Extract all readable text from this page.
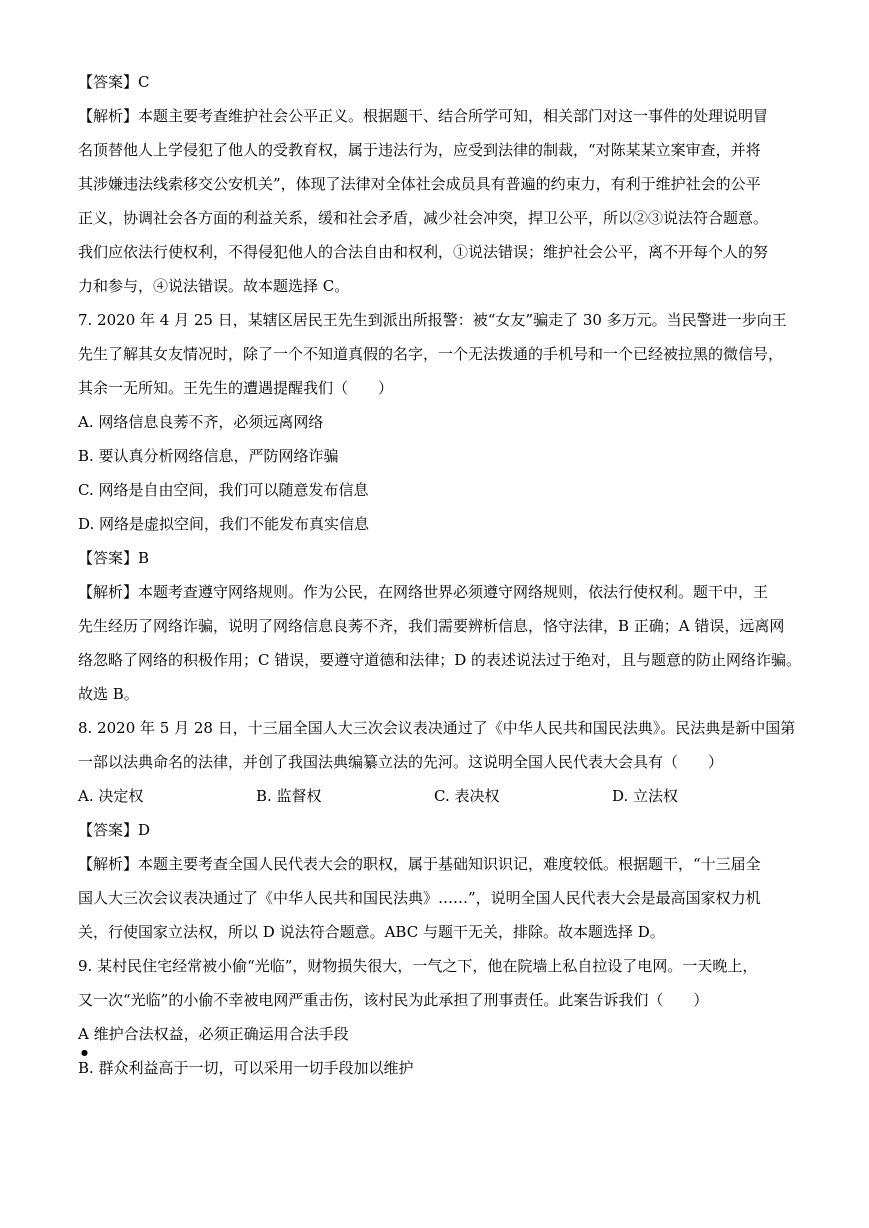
【答案】C
【解析】本题主要考查维护社会公平正义。根据题干、结合所学可知，相关部门对这一事件的处理说明冒
名顶替他人上学侵犯了他人的受教育权，属于违法行为，应受到法律的制裁，“对陈某某立案审查，并将
其涉嫌违法线索移交公安机关”，体现了法律对全体社会成员具有普遍的约束力，有利于维护社会的公平
正义，协调社会各方面的利益关系，缓和社会矛盾，减少社会冲突，捍卫公平，所以②③说法符合题意。
我们应依法行使权利，不得侵犯他人的合法自由和权利，①说法错误；维护社会公平，离不开每个人的努
力和参与，④说法错误。故本题选择 C。
7. 2020 年 4 月 25 日，某辖区居民王先生到派出所报警：被“女友”骗走了 30 多万元。当民警进一步向王
先生了解其女友情况时，除了一个不知道真假的名字，一个无法拨通的手机号和一个已经被拉黑的微信号，
其余一无所知。王先生的遭遇提醒我们（　　）
A. 网络信息良莠不齐，必须远离网络
B. 要认真分析网络信息，严防网络诈骗
C. 网络是自由空间，我们可以随意发布信息
D. 网络是虚拟空间，我们不能发布真实信息
【答案】B
【解析】本题考查遵守网络规则。作为公民，在网络世界必须遵守网络规则，依法行使权利。题干中，王
先生经历了网络诈骗，说明了网络信息良莠不齐，我们需要辨析信息，恪守法律，B 正确；A 错误，远离网
络忽略了网络的积极作用；C 错误，要遵守道德和法律；D 的表述说法过于绝对，且与题意的防止网络诈骗。
故选 B。
8. 2020 年 5 月 28 日，十三届全国人大三次会议表决通过了《中华人民共和国民法典》。民法典是新中国第
一部以法典命名的法律，并创了我国法典编纂立法的先河。这说明全国人民代表大会具有（　　）
A. 决定权	B. 监督权	C. 表决权	D. 立法权
【答案】D
【解析】本题主要考查全国人民代表大会的职权，属于基础知识识记，难度较低。根据题干，“十三届全
国人大三次会议表决通过了《中华人民共和国民法典》……”，说明全国人民代表大会是最高国家权力机
关，行使国家立法权，所以 D 说法符合题意。ABC 与题干无关，排除。故本题选择 D。
9. 某村民住宅经常被小偷“光临”，财物损失很大，一气之下，他在院墙上私自拉设了电网。一天晚上，
又一次“光临”的小偷不幸被电网严重击伤，该村民为此承担了刑事责任。此案告诉我们（　　）
A 维护合法权益，必须正确运用合法手段
●
B. 群众利益高于一切，可以采用一切手段加以维护
